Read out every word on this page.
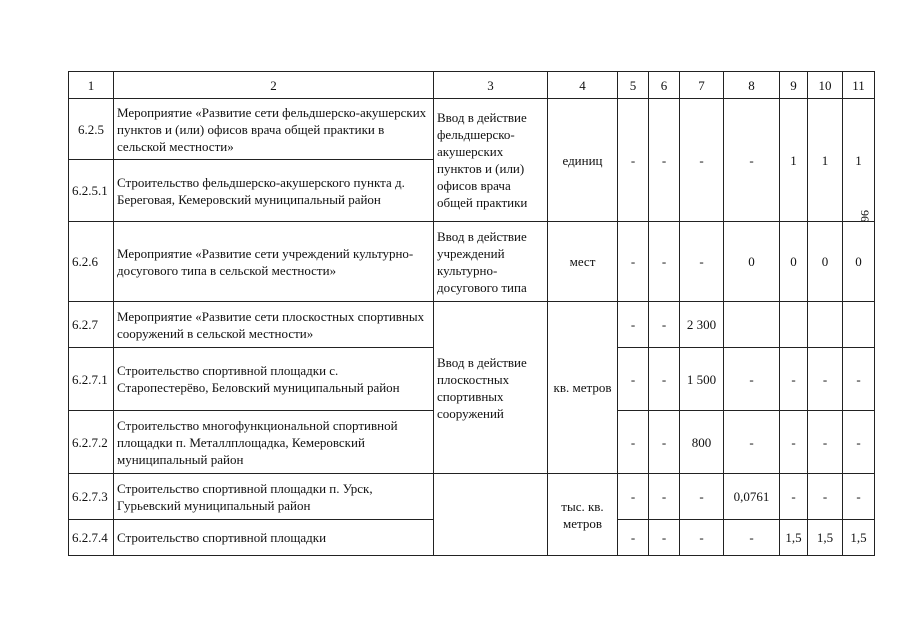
96
1	2	3	4	5	6	7	8	9	10	11
6.2.5	Мероприятие «Развитие сети фельдшерско-акушерских пунктов и (или) офисов врача общей практики в сельской местности»	Ввод в действие фельдшерско-акушерских пунктов и (или) офисов врача общей практики	единиц	-	-	-	-	1	1	1
6.2.5.1	Строительство фельдшерско-акушерского пункта д. Береговая, Кемеровский муниципальный район									
6.2.6	Мероприятие «Развитие сети учреждений культурно-досугового типа в сельской местности»	Ввод в действие учреждений культурно-досугового типа	мест	-	-	-	0	0	0	0
6.2.7	Мероприятие «Развитие сети плоскостных спортивных сооружений в сельской местности»	Ввод в действие плоскостных спортивных сооружений	кв. метров	-	-	2 300				
6.2.7.1	Строительство спортивной площадки с. Старопестерёво, Беловский муниципальный район			-	-	1 500	-	-	-	-
6.2.7.2	Строительство многофункциональной спортивной площадки п. Металлплощадка, Кемеровский муниципальный район			-	-	800	-	-	-	-
6.2.7.3	Строительство спортивной площадки п. Урск, Гурьевский муниципальный район		тыс. кв. метров	-	-	-	0,0761	-	-	-
6.2.7.4	Строительство спортивной площадки			-	-	-	-	1,5	1,5	1,5
